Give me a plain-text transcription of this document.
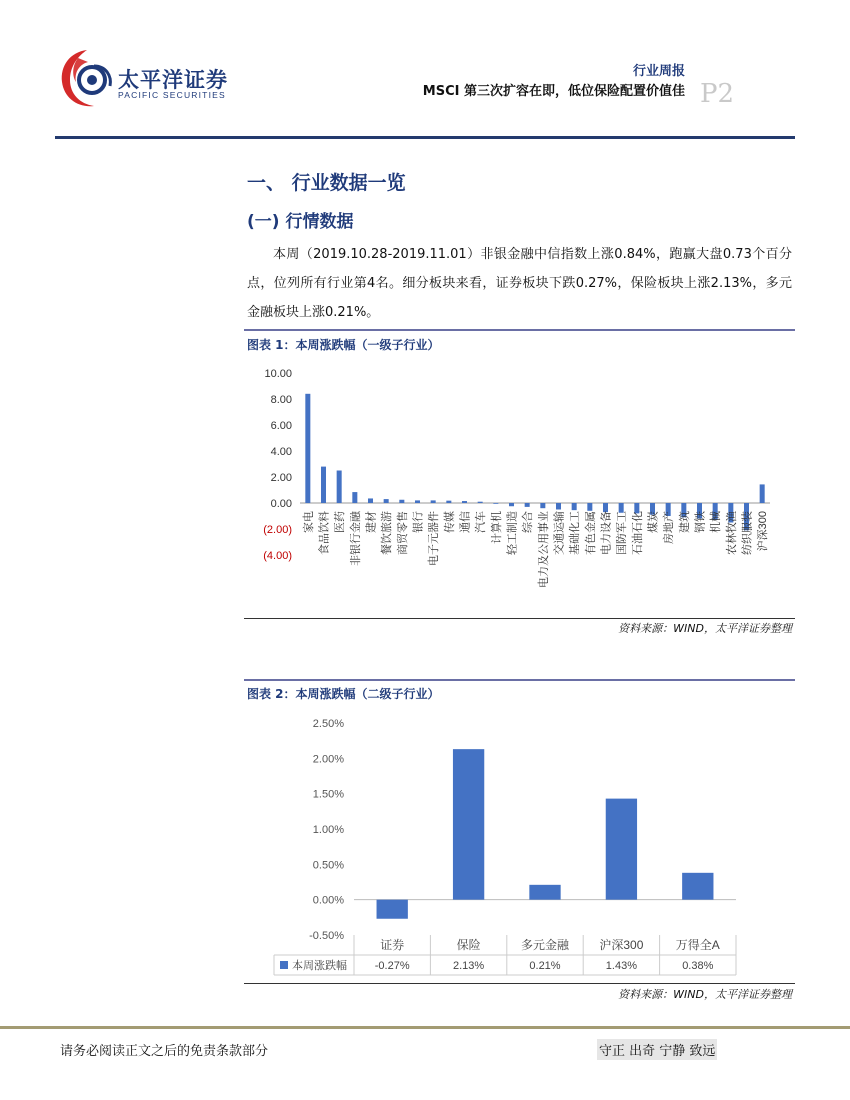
太平洋证券
PACIFIC SECURITIES
行业周报
MSCI 第三次扩容在即，低位保险配置价值佳 P2
一、 行业数据一览
(一) 行情数据

本周（2019.10.28-2019.11.01）非银金融中信指数上涨0.84%，跑赢大盘0.73个百分点，位列所有行业第4名。细分板块来看，证券板块下跌0.27%，保险板块上涨2.13%，多元金融板块上涨0.21%。

图表 1：本周涨跌幅（一级子行业）
10.00
8.00
6.00
4.00
2.00
0.00
(2.00)
(4.00)
家电 食品饮料 医药 非银行金融 建材 餐饮旅游 商贸零售 银行 电子元器件 传媒 通信 汽车 计算机 轻工制造 综合 电力及公用事业 交通运输 基础化工 有色金属 电力设备 国防军工 石油石化 煤炭 房地产 建筑 钢铁 机械 农林牧渔 纺织服装 沪深300
资料来源：WIND，太平洋证券整理
图表 2：本周涨跌幅（二级子行业）
2.50%
2.00%
1.50%
1.00%
0.50%
0.00%
-0.50%
证券
-0.27%
保险
2.13%
多元金融
0.21%
沪深300
1.43%
万得全A
0.38%
本周涨跌幅
资料来源：WIND，太平洋证券整理
请务必阅读正文之后的免责条款部分	守正 出奇 宁静 致远
